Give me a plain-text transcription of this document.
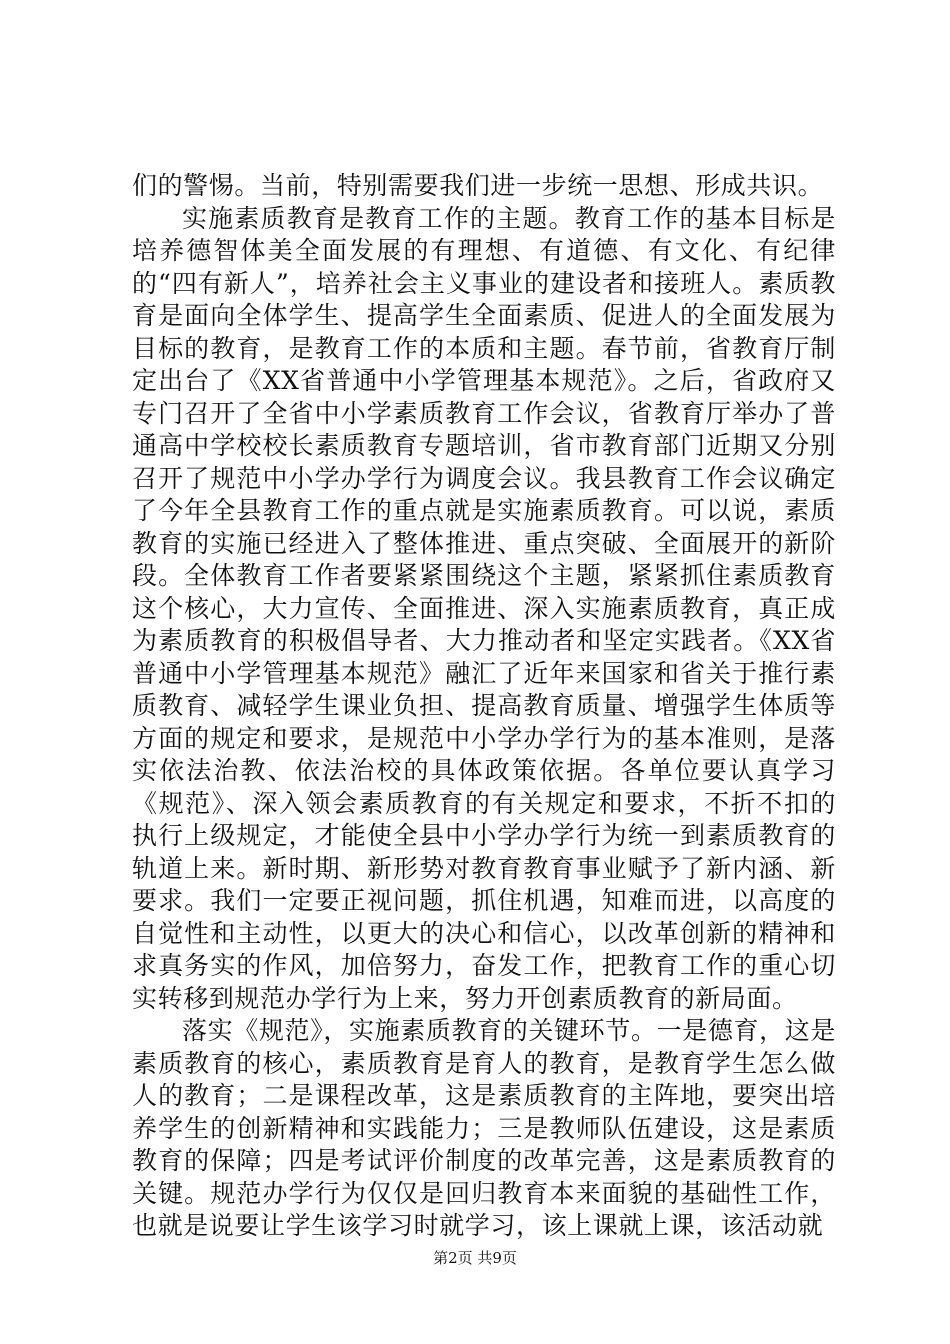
们的警惕。当前，特别需要我们进一步统一思想、形成共识。

实施素质教育是教育工作的主题。教育工作的基本目标是培养德智体美全面发展的有理想、有道德、有文化、有纪律的“四有新人”，培养社会主义事业的建设者和接班人。素质教育是面向全体学生、提高学生全面素质、促进人的全面发展为目标的教育，是教育工作的本质和主题。春节前，省教育厅制定出台了《XX省普通中小学管理基本规范》。之后，省政府又专门召开了全省中小学素质教育工作会议，省教育厅举办了普通高中学校校长素质教育专题培训，省市教育部门近期又分别召开了规范中小学办学行为调度会议。我县教育工作会议确定了今年全县教育工作的重点就是实施素质教育。可以说，素质教育的实施已经进入了整体推进、重点突破、全面展开的新阶段。全体教育工作者要紧紧围绕这个主题，紧紧抓住素质教育这个核心，大力宣传、全面推进、深入实施素质教育，真正成为素质教育的积极倡导者、大力推动者和坚定实践者。《XX省普通中小学管理基本规范》融汇了近年来国家和省关于推行素质教育、减轻学生课业负担、提高教育质量、增强学生体质等方面的规定和要求，是规范中小学办学行为的基本准则，是落实依法治教、依法治校的具体政策依据。各单位要认真学习《规范》、深入领会素质教育的有关规定和要求，不折不扣的执行上级规定，才能使全县中小学办学行为统一到素质教育的轨道上来。新时期、新形势对教育教育事业赋予了新内涵、新要求。我们一定要正视问题，抓住机遇，知难而进，以高度的自觉性和主动性，以更大的决心和信心，以改革创新的精神和求真务实的作风，加倍努力，奋发工作，把教育工作的重心切实转移到规范办学行为上来，努力开创素质教育的新局面。

落实《规范》，实施素质教育的关键环节。一是德育，这是素质教育的核心，素质教育是育人的教育，是教育学生怎么做人的教育；二是课程改革，这是素质教育的主阵地，要突出培养学生的创新精神和实践能力；三是教师队伍建设，这是素质教育的保障；四是考试评价制度的改革完善，这是素质教育的关键。规范办学行为仅仅是回归教育本来面貌的基础性工作，也就是说要让学生该学习时就学习，该上课就上课，该活动就

第2页 共9页
